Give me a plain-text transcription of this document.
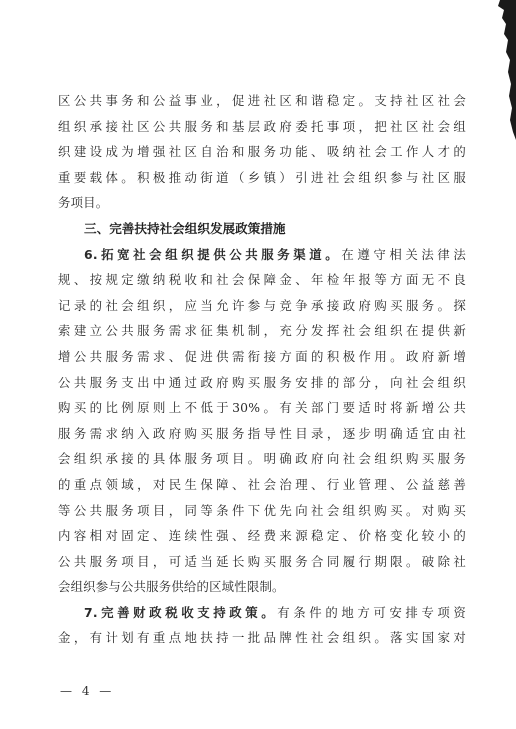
区公共事务和公益事业，促进社区和谐稳定。支持社区社会
组织承接社区公共服务和基层政府委托事项，把社区社会组
织建设成为增强社区自治和服务功能、吸纳社会工作人才的
重要载体。积极推动街道（乡镇）引进社会组织参与社区服
务项目。
三、完善扶持社会组织发展政策措施
6.拓宽社会组织提供公共服务渠道。在遵守相关法律法
规、按规定缴纳税收和社会保障金、年检年报等方面无不良
记录的社会组织，应当允许参与竞争承接政府购买服务。探
索建立公共服务需求征集机制，充分发挥社会组织在提供新
增公共服务需求、促进供需衔接方面的积极作用。政府新增
公共服务支出中通过政府购买服务安排的部分，向社会组织
购买的比例原则上不低于30%。有关部门要适时将新增公共
服务需求纳入政府购买服务指导性目录，逐步明确适宜由社
会组织承接的具体服务项目。明确政府向社会组织购买服务
的重点领域，对民生保障、社会治理、行业管理、公益慈善
等公共服务项目，同等条件下优先向社会组织购买。对购买
内容相对固定、连续性强、经费来源稳定、价格变化较小的
公共服务项目，可适当延长购买服务合同履行期限。破除社
会组织参与公共服务供给的区域性限制。
7.完善财政税收支持政策。有条件的地方可安排专项资
金，有计划有重点地扶持一批品牌性社会组织。落实国家对
— 4 —
